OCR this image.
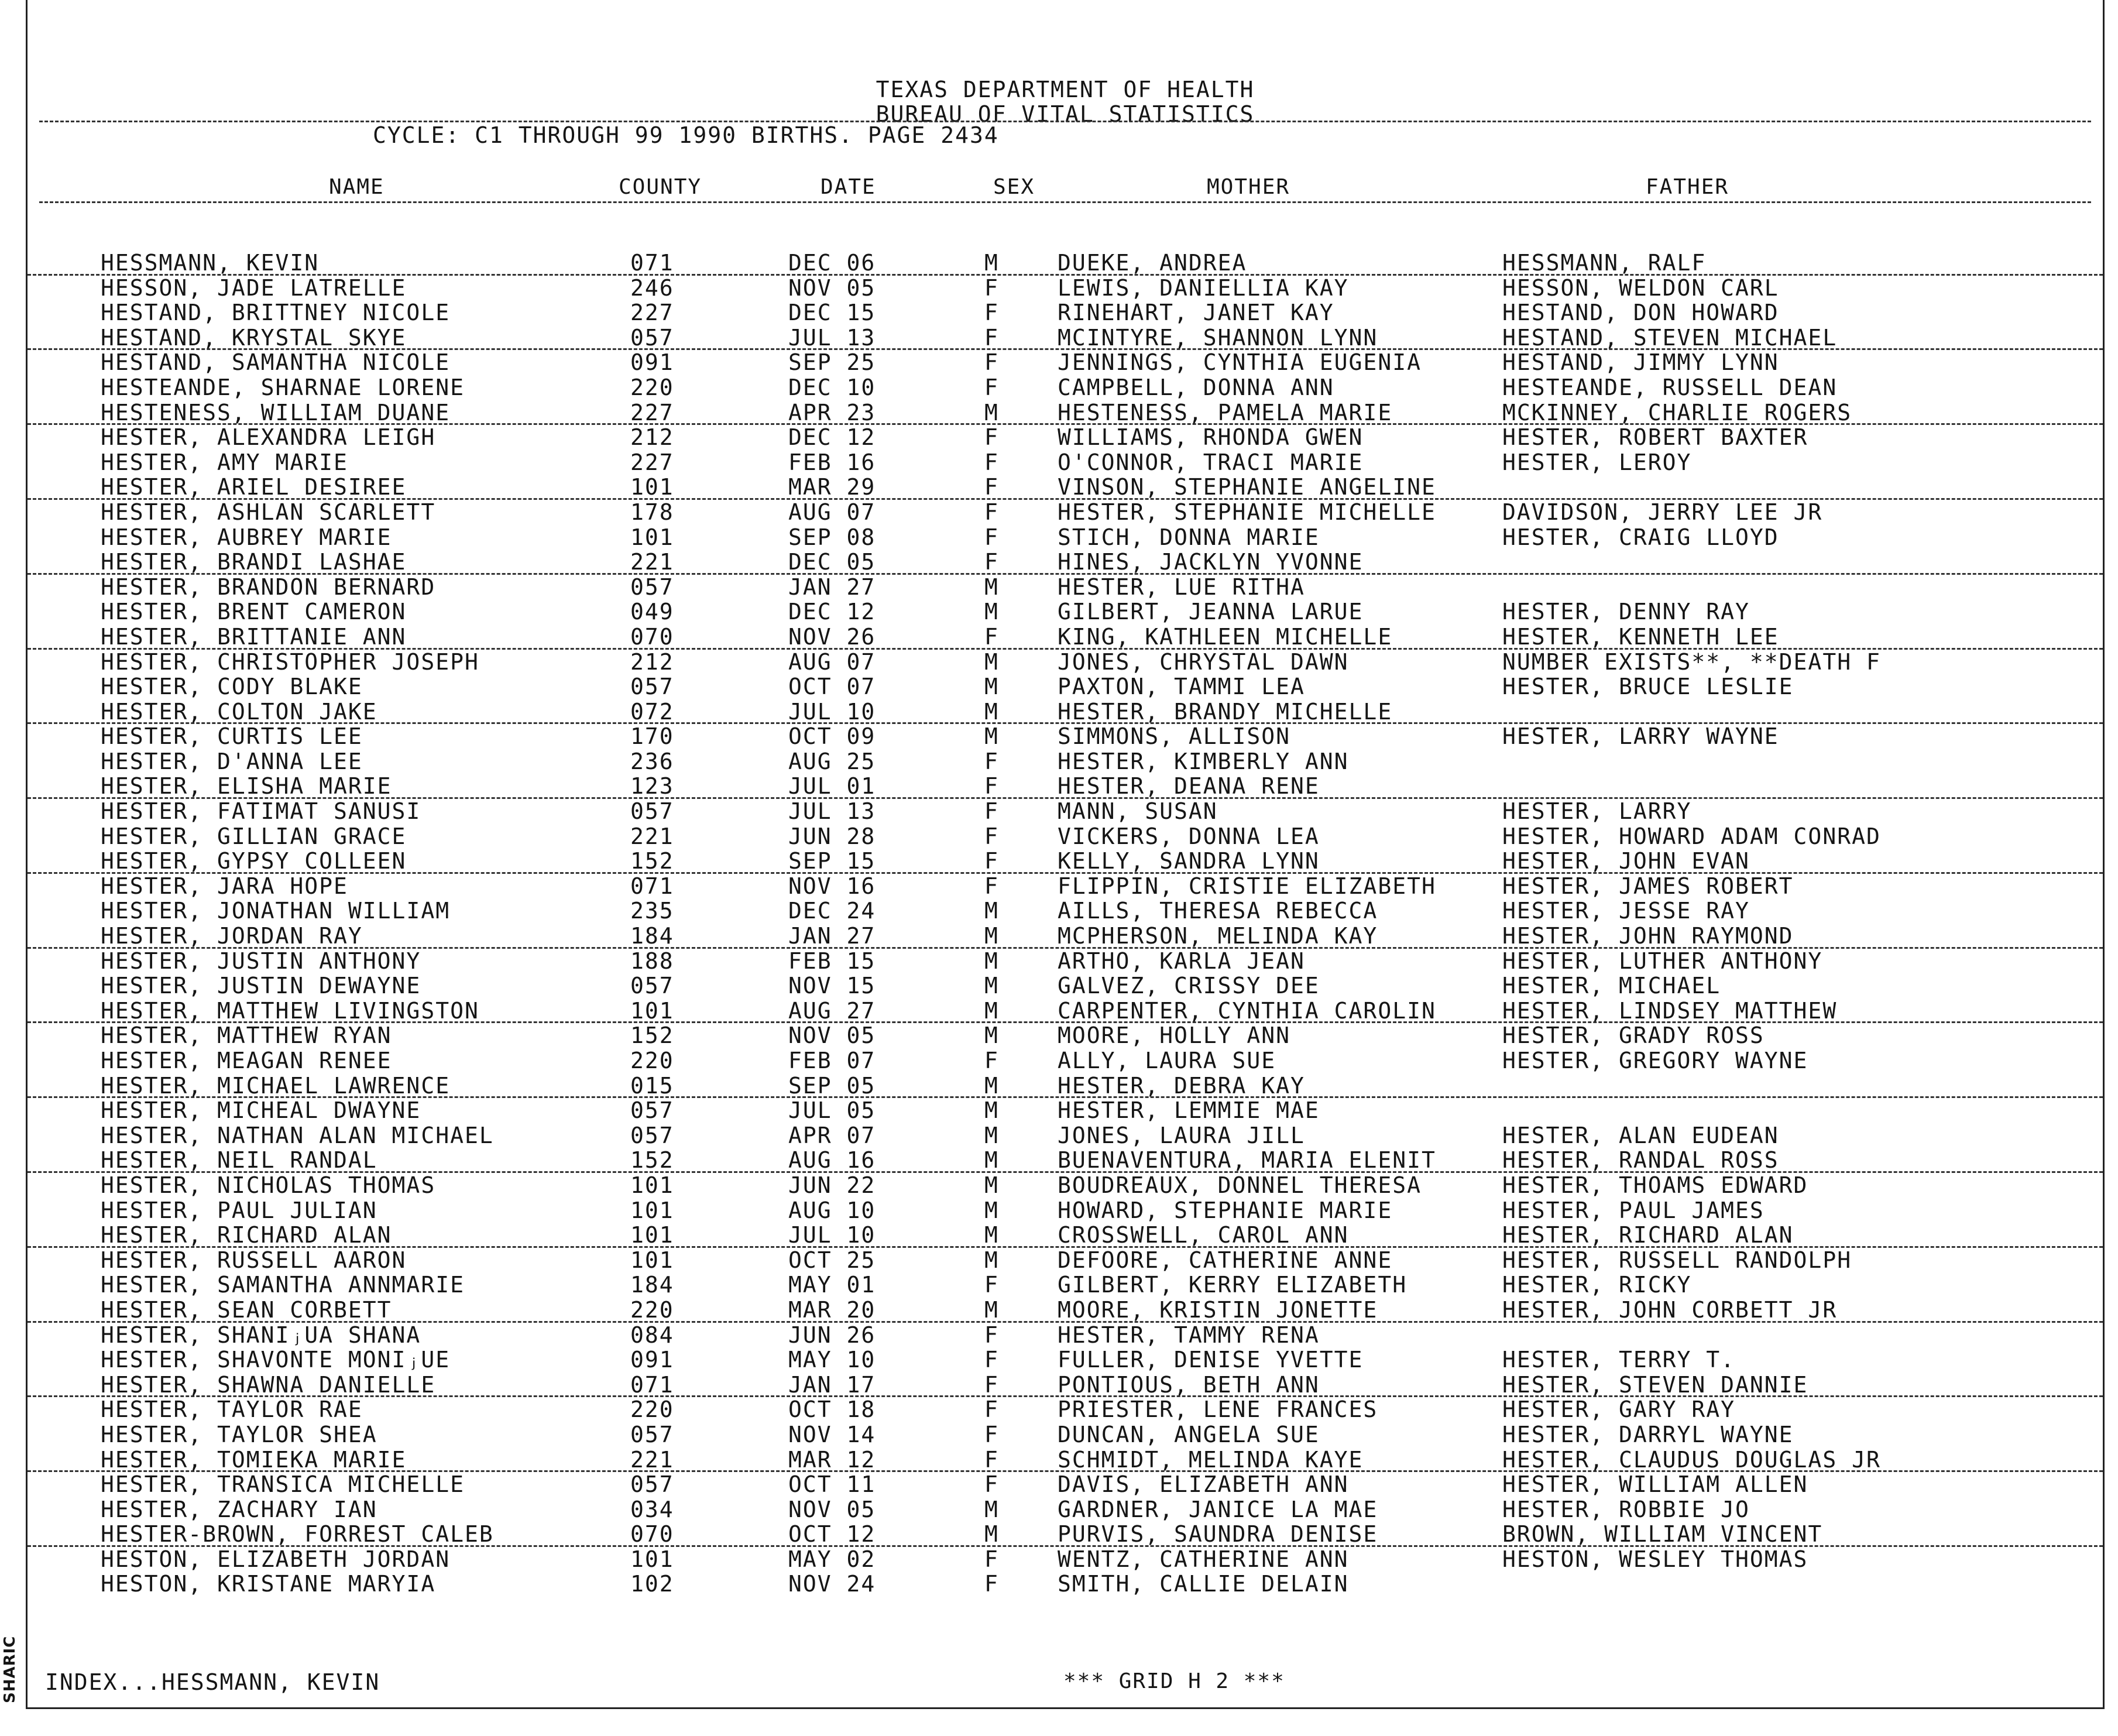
TEXAS DEPARTMENT OF HEALTH
BUREAU OF VITAL STATISTICS
CYCLE: C1 THROUGH 99 1990 BIRTHS. PAGE 2434
NAME	COUNTY	DATE	SEX	MOTHER	FATHER
HESSMANN, KEVIN	071	DEC 06	M	DUEKE, ANDREA	HESSMANN, RALF
HESSON, JADE LATRELLE	246	NOV 05	F	LEWIS, DANIELLIA KAY	HESSON, WELDON CARL
HESTAND, BRITTNEY NICOLE	227	DEC 15	F	RINEHART, JANET KAY	HESTAND, DON HOWARD
HESTAND, KRYSTAL SKYE	057	JUL 13	F	MCINTYRE, SHANNON LYNN	HESTAND, STEVEN MICHAEL
HESTAND, SAMANTHA NICOLE	091	SEP 25	F	JENNINGS, CYNTHIA EUGENIA	HESTAND, JIMMY LYNN
HESTEANDE, SHARNAE LORENE	220	DEC 10	F	CAMPBELL, DONNA ANN	HESTEANDE, RUSSELL DEAN
HESTENESS, WILLIAM DUANE	227	APR 23	M	HESTENESS, PAMELA MARIE	MCKINNEY, CHARLIE ROGERS
HESTER, ALEXANDRA LEIGH	212	DEC 12	F	WILLIAMS, RHONDA GWEN	HESTER, ROBERT BAXTER
HESTER, AMY MARIE	227	FEB 16	F	O'CONNOR, TRACI MARIE	HESTER, LEROY
HESTER, ARIEL DESIREE	101	MAR 29	F	VINSON, STEPHANIE ANGELINE
HESTER, ASHLAN SCARLETT	178	AUG 07	F	HESTER, STEPHANIE MICHELLE	DAVIDSON, JERRY LEE JR
HESTER, AUBREY MARIE	101	SEP 08	F	STICH, DONNA MARIE	HESTER, CRAIG LLOYD
HESTER, BRANDI LASHAE	221	DEC 05	F	HINES, JACKLYN YVONNE
HESTER, BRANDON BERNARD	057	JAN 27	M	HESTER, LUE RITHA
HESTER, BRENT CAMERON	049	DEC 12	M	GILBERT, JEANNA LARUE	HESTER, DENNY RAY
HESTER, BRITTANIE ANN	070	NOV 26	F	KING, KATHLEEN MICHELLE	HESTER, KENNETH LEE
HESTER, CHRISTOPHER JOSEPH	212	AUG 07	M	JONES, CHRYSTAL DAWN	NUMBER EXISTS**, **DEATH F
HESTER, CODY BLAKE	057	OCT 07	M	PAXTON, TAMMI LEA	HESTER, BRUCE LESLIE
HESTER, COLTON JAKE	072	JUL 10	M	HESTER, BRANDY MICHELLE
HESTER, CURTIS LEE	170	OCT 09	M	SIMMONS, ALLISON	HESTER, LARRY WAYNE
HESTER, D'ANNA LEE	236	AUG 25	F	HESTER, KIMBERLY ANN
HESTER, ELISHA MARIE	123	JUL 01	F	HESTER, DEANA RENE
HESTER, FATIMAT SANUSI	057	JUL 13	F	MANN, SUSAN	HESTER, LARRY
HESTER, GILLIAN GRACE	221	JUN 28	F	VICKERS, DONNA LEA	HESTER, HOWARD ADAM CONRAD
HESTER, GYPSY COLLEEN	152	SEP 15	F	KELLY, SANDRA LYNN	HESTER, JOHN EVAN
HESTER, JARA HOPE	071	NOV 16	F	FLIPPIN, CRISTIE ELIZABETH	HESTER, JAMES ROBERT
HESTER, JONATHAN WILLIAM	235	DEC 24	M	AILLS, THERESA REBECCA	HESTER, JESSE RAY
HESTER, JORDAN RAY	184	JAN 27	M	MCPHERSON, MELINDA KAY	HESTER, JOHN RAYMOND
HESTER, JUSTIN ANTHONY	188	FEB 15	M	ARTHO, KARLA JEAN	HESTER, LUTHER ANTHONY
HESTER, JUSTIN DEWAYNE	057	NOV 15	M	GALVEZ, CRISSY DEE	HESTER, MICHAEL
HESTER, MATTHEW LIVINGSTON	101	AUG 27	M	CARPENTER, CYNTHIA CAROLIN	HESTER, LINDSEY MATTHEW
HESTER, MATTHEW RYAN	152	NOV 05	M	MOORE, HOLLY ANN	HESTER, GRADY ROSS
HESTER, MEAGAN RENEE	220	FEB 07	F	ALLY, LAURA SUE	HESTER, GREGORY WAYNE
HESTER, MICHAEL LAWRENCE	015	SEP 05	M	HESTER, DEBRA KAY
HESTER, MICHEAL DWAYNE	057	JUL 05	M	HESTER, LEMMIE MAE
HESTER, NATHAN ALAN MICHAEL	057	APR 07	M	JONES, LAURA JILL	HESTER, ALAN EUDEAN
HESTER, NEIL RANDAL	152	AUG 16	M	BUENAVENTURA, MARIA ELENIT	HESTER, RANDAL ROSS
HESTER, NICHOLAS THOMAS	101	JUN 22	M	BOUDREAUX, DONNEL THERESA	HESTER, THOAMS EDWARD
HESTER, PAUL JULIAN	101	AUG 10	M	HOWARD, STEPHANIE MARIE	HESTER, PAUL JAMES
HESTER, RICHARD ALAN	101	JUL 10	M	CROSSWELL, CAROL ANN	HESTER, RICHARD ALAN
HESTER, RUSSELL AARON	101	OCT 25	M	DEFOORE, CATHERINE ANNE	HESTER, RUSSELL RANDOLPH
HESTER, SAMANTHA ANNMARIE	184	MAY 01	F	GILBERT, KERRY ELIZABETH	HESTER, RICKY
HESTER, SEAN CORBETT	220	MAR 20	M	MOORE, KRISTIN JONETTE	HESTER, JOHN CORBETT JR
HESTER, SHANIⱼUA SHANA	084	JUN 26	F	HESTER, TAMMY RENA
HESTER, SHAVONTE MONIⱼUE	091	MAY 10	F	FULLER, DENISE YVETTE	HESTER, TERRY T.
HESTER, SHAWNA DANIELLE	071	JAN 17	F	PONTIOUS, BETH ANN	HESTER, STEVEN DANNIE
HESTER, TAYLOR RAE	220	OCT 18	F	PRIESTER, LENE FRANCES	HESTER, GARY RAY
HESTER, TAYLOR SHEA	057	NOV 14	F	DUNCAN, ANGELA SUE	HESTER, DARRYL WAYNE
HESTER, TOMIEKA MARIE	221	MAR 12	F	SCHMIDT, MELINDA KAYE	HESTER, CLAUDUS DOUGLAS JR
HESTER, TRANSICA MICHELLE	057	OCT 11	F	DAVIS, ELIZABETH ANN	HESTER, WILLIAM ALLEN
HESTER, ZACHARY IAN	034	NOV 05	M	GARDNER, JANICE LA MAE	HESTER, ROBBIE JO
HESTER-BROWN, FORREST CALEB	070	OCT 12	M	PURVIS, SAUNDRA DENISE	BROWN, WILLIAM VINCENT
HESTON, ELIZABETH JORDAN	101	MAY 02	F	WENTZ, CATHERINE ANN	HESTON, WESLEY THOMAS
HESTON, KRISTANE MARYIA	102	NOV 24	F	SMITH, CALLIE DELAIN
INDEX...HESSMANN, KEVIN	*** GRID H 2 ***
SHARIC
